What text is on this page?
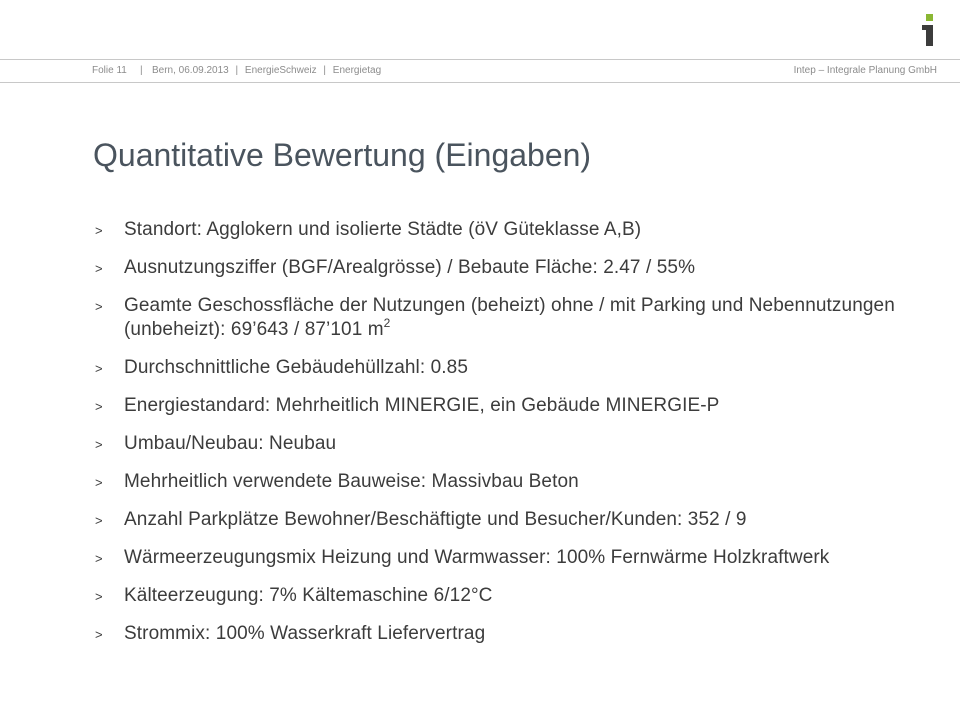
Folie 11 | Bern, 06.09.2013 | EnergieSchweiz | Energietag	Intep – Integrale Planung GmbH
Quantitative Bewertung (Eingaben)
> Standort: Agglokern und isolierte Städte (öV Güteklasse A,B)
> Ausnutzungsziffer (BGF/Arealgrösse) / Bebaute Fläche: 2.47 / 55%
> Geamte Geschossfläche der Nutzungen (beheizt) ohne / mit Parking und Nebennutzungen (unbeheizt): 69’643 / 87’101 $m^2$
> Durchschnittliche Gebäudehüllzahl: 0.85
> Energiestandard: Mehrheitlich MINERGIE, ein Gebäude MINERGIE-P
> Umbau/Neubau: Neubau
> Mehrheitlich verwendete Bauweise: Massivbau Beton
> Anzahl Parkplätze Bewohner/Beschäftigte und Besucher/Kunden: 352 / 9
> Wärmeerzeugungsmix Heizung und Warmwasser: 100% Fernwärme Holzkraftwerk
> Kälteerzeugung: 7% Kältemaschine 6/12°C
> Strommix: 100% Wasserkraft Liefervertrag
